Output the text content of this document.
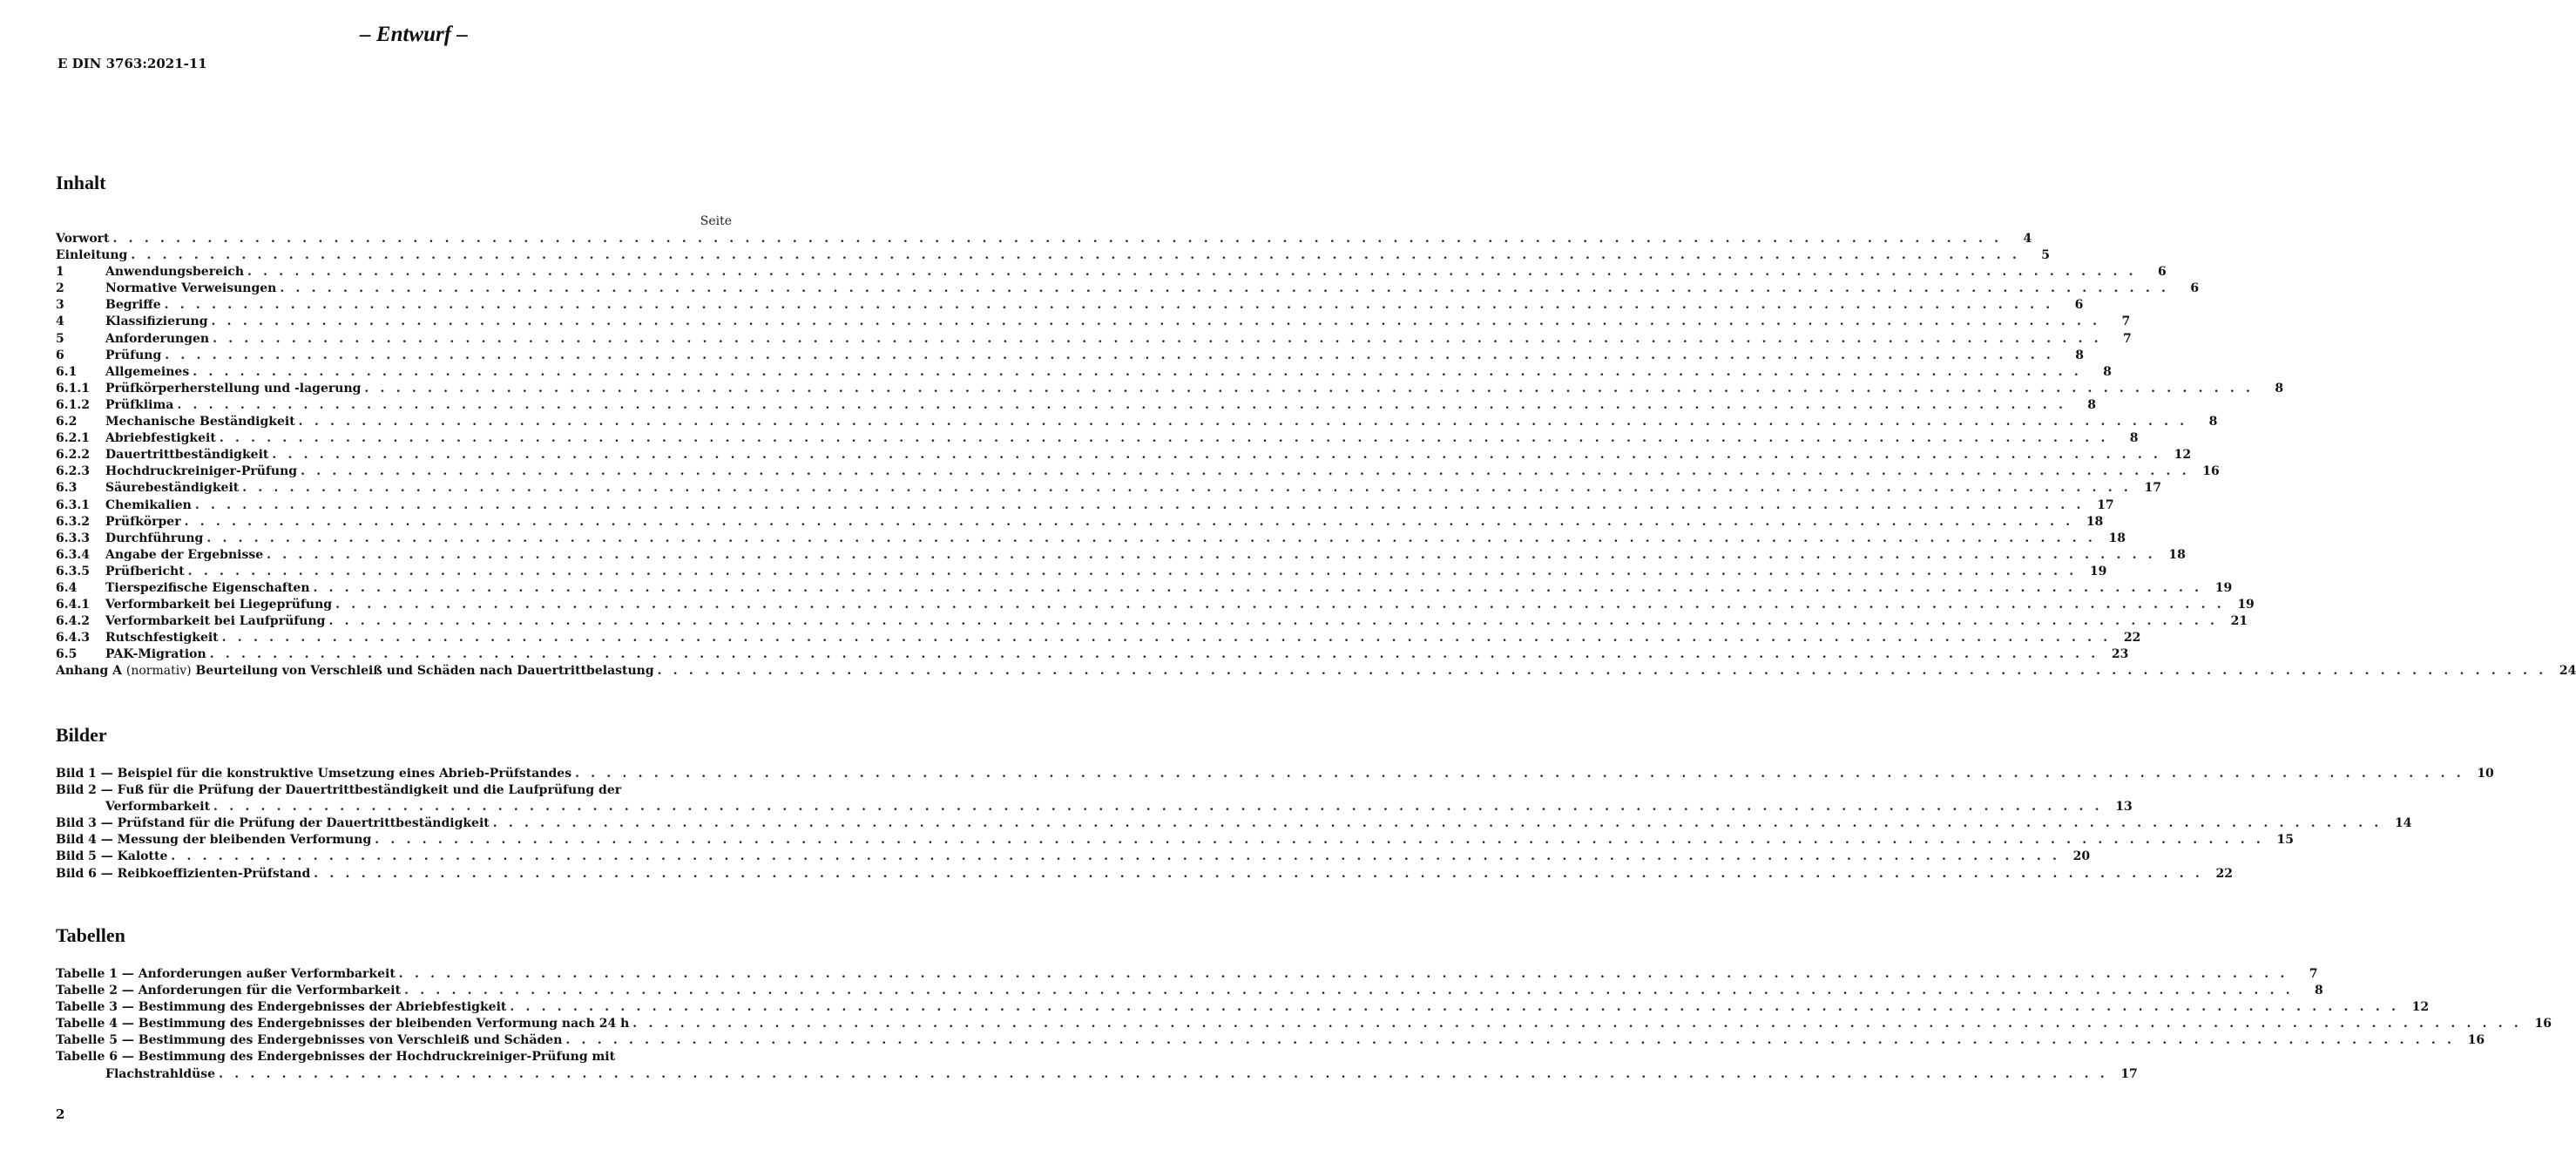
– Entwurf –
E DIN 3763:2021-11
Inhalt
Seite
Vorwort . . . . . . . . . . . . . . . . . . . . . . . . . . . . . . . . . . . . . . . . . . . . . . . . . . . . . . . . . . . . . . . . . . . . . . . . . . . . . . . . . . . . . . . . . . . . . . . . . . . . . . . . . . . . . . . . . . . . . . . .	4
Einleitung . . . . . . . . . . . . . . . . . . . . . . . . . . . . . . . . . . . . . . . . . . . . . . . . . . . . . . . . . . . . . . . . . . . . . . . . . . . . . . . . . . . . . . . . . . . . . . . . . . . . . . . . . . . . . . . . . . . . . . . .	5
1	Anwendungsbereich . . . . . . . . . . . . . . . . . . . . . . . . . . . . . . . . . . . . . . . . . . . . . . . . . . . . . . . . . . . . . . . . . . . . . . . . . . . . . . . . . . . . . . . . . . . . . . . . . . . . . . . . . . . . . . . . . . . . . . . .	6
2	Normative Verweisungen . . . . . . . . . . . . . . . . . . . . . . . . . . . . . . . . . . . . . . . . . . . . . . . . . . . . . . . . . . . . . . . . . . . . . . . . . . . . . . . . . . . . . . . . . . . . . . . . . . . . . . . . . . . . . . . . . . . . . . . .	6
3	Begriffe . . . . . . . . . . . . . . . . . . . . . . . . . . . . . . . . . . . . . . . . . . . . . . . . . . . . . . . . . . . . . . . . . . . . . . . . . . . . . . . . . . . . . . . . . . . . . . . . . . . . . . . . . . . . . . . . . . . . . . . .	6
4	Klassifizierung . . . . . . . . . . . . . . . . . . . . . . . . . . . . . . . . . . . . . . . . . . . . . . . . . . . . . . . . . . . . . . . . . . . . . . . . . . . . . . . . . . . . . . . . . . . . . . . . . . . . . . . . . . . . . . . . . . . . . . . .	7
5	Anforderungen . . . . . . . . . . . . . . . . . . . . . . . . . . . . . . . . . . . . . . . . . . . . . . . . . . . . . . . . . . . . . . . . . . . . . . . . . . . . . . . . . . . . . . . . . . . . . . . . . . . . . . . . . . . . . . . . . . . . . . . .	7
6	Prüfung . . . . . . . . . . . . . . . . . . . . . . . . . . . . . . . . . . . . . . . . . . . . . . . . . . . . . . . . . . . . . . . . . . . . . . . . . . . . . . . . . . . . . . . . . . . . . . . . . . . . . . . . . . . . . . . . . . . . . . . .	8
6.1	Allgemeines . . . . . . . . . . . . . . . . . . . . . . . . . . . . . . . . . . . . . . . . . . . . . . . . . . . . . . . . . . . . . . . . . . . . . . . . . . . . . . . . . . . . . . . . . . . . . . . . . . . . . . . . . . . . . . . . . . . . . . . .	8
6.1.1	Prüfkörperherstellung und -lagerung . . . . . . . . . . . . . . . . . . . . . . . . . . . . . . . . . . . . . . . . . . . . . . . . . . . . . . . . . . . . . . . . . . . . . . . . . . . . . . . . . . . . . . . . . . . . . . . . . . . . . . . . . . . . . . . . . . . . . . . .	8
6.1.2	Prüfklima . . . . . . . . . . . . . . . . . . . . . . . . . . . . . . . . . . . . . . . . . . . . . . . . . . . . . . . . . . . . . . . . . . . . . . . . . . . . . . . . . . . . . . . . . . . . . . . . . . . . . . . . . . . . . . . . . . . . . . . .	8
6.2	Mechanische Beständigkeit . . . . . . . . . . . . . . . . . . . . . . . . . . . . . . . . . . . . . . . . . . . . . . . . . . . . . . . . . . . . . . . . . . . . . . . . . . . . . . . . . . . . . . . . . . . . . . . . . . . . . . . . . . . . . . . . . . . . . . . .	8
6.2.1	Abriebfestigkeit . . . . . . . . . . . . . . . . . . . . . . . . . . . . . . . . . . . . . . . . . . . . . . . . . . . . . . . . . . . . . . . . . . . . . . . . . . . . . . . . . . . . . . . . . . . . . . . . . . . . . . . . . . . . . . . . . . . . . . . .	8
6.2.2	Dauertrittbeständigkeit . . . . . . . . . . . . . . . . . . . . . . . . . . . . . . . . . . . . . . . . . . . . . . . . . . . . . . . . . . . . . . . . . . . . . . . . . . . . . . . . . . . . . . . . . . . . . . . . . . . . . . . . . . . . . . . . . . . . . . . .	12
6.2.3	Hochdruckreiniger-Prüfung . . . . . . . . . . . . . . . . . . . . . . . . . . . . . . . . . . . . . . . . . . . . . . . . . . . . . . . . . . . . . . . . . . . . . . . . . . . . . . . . . . . . . . . . . . . . . . . . . . . . . . . . . . . . . . . . . . . . . . . .	16
6.3	Säurebeständigkeit . . . . . . . . . . . . . . . . . . . . . . . . . . . . . . . . . . . . . . . . . . . . . . . . . . . . . . . . . . . . . . . . . . . . . . . . . . . . . . . . . . . . . . . . . . . . . . . . . . . . . . . . . . . . . . . . . . . . . . . .	17
6.3.1	Chemikalien . . . . . . . . . . . . . . . . . . . . . . . . . . . . . . . . . . . . . . . . . . . . . . . . . . . . . . . . . . . . . . . . . . . . . . . . . . . . . . . . . . . . . . . . . . . . . . . . . . . . . . . . . . . . . . . . . . . . . . . .	17
6.3.2	Prüfkörper . . . . . . . . . . . . . . . . . . . . . . . . . . . . . . . . . . . . . . . . . . . . . . . . . . . . . . . . . . . . . . . . . . . . . . . . . . . . . . . . . . . . . . . . . . . . . . . . . . . . . . . . . . . . . . . . . . . . . . . .	18
6.3.3	Durchführung . . . . . . . . . . . . . . . . . . . . . . . . . . . . . . . . . . . . . . . . . . . . . . . . . . . . . . . . . . . . . . . . . . . . . . . . . . . . . . . . . . . . . . . . . . . . . . . . . . . . . . . . . . . . . . . . . . . . . . . .	18
6.3.4	Angabe der Ergebnisse . . . . . . . . . . . . . . . . . . . . . . . . . . . . . . . . . . . . . . . . . . . . . . . . . . . . . . . . . . . . . . . . . . . . . . . . . . . . . . . . . . . . . . . . . . . . . . . . . . . . . . . . . . . . . . . . . . . . . . . .	18
6.3.5	Prüfbericht . . . . . . . . . . . . . . . . . . . . . . . . . . . . . . . . . . . . . . . . . . . . . . . . . . . . . . . . . . . . . . . . . . . . . . . . . . . . . . . . . . . . . . . . . . . . . . . . . . . . . . . . . . . . . . . . . . . . . . . .	19
6.4	Tierspezifische Eigenschaften . . . . . . . . . . . . . . . . . . . . . . . . . . . . . . . . . . . . . . . . . . . . . . . . . . . . . . . . . . . . . . . . . . . . . . . . . . . . . . . . . . . . . . . . . . . . . . . . . . . . . . . . . . . . . . . . . . . . . . . .	19
6.4.1	Verformbarkeit bei Liegeprüfung . . . . . . . . . . . . . . . . . . . . . . . . . . . . . . . . . . . . . . . . . . . . . . . . . . . . . . . . . . . . . . . . . . . . . . . . . . . . . . . . . . . . . . . . . . . . . . . . . . . . . . . . . . . . . . . . . . . . . . . .	19
6.4.2	Verformbarkeit bei Laufprüfung . . . . . . . . . . . . . . . . . . . . . . . . . . . . . . . . . . . . . . . . . . . . . . . . . . . . . . . . . . . . . . . . . . . . . . . . . . . . . . . . . . . . . . . . . . . . . . . . . . . . . . . . . . . . . . . . . . . . . . . .	21
6.4.3	Rutschfestigkeit . . . . . . . . . . . . . . . . . . . . . . . . . . . . . . . . . . . . . . . . . . . . . . . . . . . . . . . . . . . . . . . . . . . . . . . . . . . . . . . . . . . . . . . . . . . . . . . . . . . . . . . . . . . . . . . . . . . . . . . .	22
6.5	PAK-Migration . . . . . . . . . . . . . . . . . . . . . . . . . . . . . . . . . . . . . . . . . . . . . . . . . . . . . . . . . . . . . . . . . . . . . . . . . . . . . . . . . . . . . . . . . . . . . . . . . . . . . . . . . . . . . . . . . . . . . . . .	23
Anhang A (normativ) Beurteilung von Verschleiß und Schäden nach Dauertrittbelastung . . . . . . . . . . . . . . . . . . . . . . . . . . . . . . . . . . . . . . . . . . . . . . . . . . . . . . . . . . . . . . . . . . . . . . . . . . . . . . . . . . . . . . . . . . . . . . . . . . . . . . . . . . . . . . . . . . . . . . . .	24
Bilder
Bild 1 — Beispiel für die konstruktive Umsetzung eines Abrieb-Prüfstandes . . . . . . . . . . . . . . . . . . . . . . . . . . . . . . . . . . . . . . . . . . . . . . . . . . . . . . . . . . . . . . . . . . . . . . . . . . . . . . . . . . . . . . . . . . . . . . . . . . . . . . . . . . . . . . . . . . . . . . . .	10
Bild 2 — Fuß für die Prüfung der Dauertrittbeständigkeit und die Laufprüfung der
Verformbarkeit . . . . . . . . . . . . . . . . . . . . . . . . . . . . . . . . . . . . . . . . . . . . . . . . . . . . . . . . . . . . . . . . . . . . . . . . . . . . . . . . . . . . . . . . . . . . . . . . . . . . . . . . . . . . . . . . . . . . . . . .	13
Bild 3 — Prüfstand für die Prüfung der Dauertrittbeständigkeit . . . . . . . . . . . . . . . . . . . . . . . . . . . . . . . . . . . . . . . . . . . . . . . . . . . . . . . . . . . . . . . . . . . . . . . . . . . . . . . . . . . . . . . . . . . . . . . . . . . . . . . . . . . . . . . . . . . . . . . .	14
Bild 4 — Messung der bleibenden Verformung . . . . . . . . . . . . . . . . . . . . . . . . . . . . . . . . . . . . . . . . . . . . . . . . . . . . . . . . . . . . . . . . . . . . . . . . . . . . . . . . . . . . . . . . . . . . . . . . . . . . . . . . . . . . . . . . . . . . . . . .	15
Bild 5 — Kalotte . . . . . . . . . . . . . . . . . . . . . . . . . . . . . . . . . . . . . . . . . . . . . . . . . . . . . . . . . . . . . . . . . . . . . . . . . . . . . . . . . . . . . . . . . . . . . . . . . . . . . . . . . . . . . . . . . . . . . . . .	20
Bild 6 — Reibkoeffizienten-Prüfstand . . . . . . . . . . . . . . . . . . . . . . . . . . . . . . . . . . . . . . . . . . . . . . . . . . . . . . . . . . . . . . . . . . . . . . . . . . . . . . . . . . . . . . . . . . . . . . . . . . . . . . . . . . . . . . . . . . . . . . . .	22
Tabellen
Tabelle 1 — Anforderungen außer Verformbarkeit . . . . . . . . . . . . . . . . . . . . . . . . . . . . . . . . . . . . . . . . . . . . . . . . . . . . . . . . . . . . . . . . . . . . . . . . . . . . . . . . . . . . . . . . . . . . . . . . . . . . . . . . . . . . . . . . . . . . . . . .	7
Tabelle 2 — Anforderungen für die Verformbarkeit . . . . . . . . . . . . . . . . . . . . . . . . . . . . . . . . . . . . . . . . . . . . . . . . . . . . . . . . . . . . . . . . . . . . . . . . . . . . . . . . . . . . . . . . . . . . . . . . . . . . . . . . . . . . . . . . . . . . . . . .	8
Tabelle 3 — Bestimmung des Endergebnisses der Abriebfestigkeit . . . . . . . . . . . . . . . . . . . . . . . . . . . . . . . . . . . . . . . . . . . . . . . . . . . . . . . . . . . . . . . . . . . . . . . . . . . . . . . . . . . . . . . . . . . . . . . . . . . . . . . . . . . . . . . . . . . . . . . .	12
Tabelle 4 — Bestimmung des Endergebnisses der bleibenden Verformung nach 24 h . . . . . . . . . . . . . . . . . . . . . . . . . . . . . . . . . . . . . . . . . . . . . . . . . . . . . . . . . . . . . . . . . . . . . . . . . . . . . . . . . . . . . . . . . . . . . . . . . . . . . . . . . . . . . . . . . . . . . . . .	16
Tabelle 5 — Bestimmung des Endergebnisses von Verschleiß und Schäden . . . . . . . . . . . . . . . . . . . . . . . . . . . . . . . . . . . . . . . . . . . . . . . . . . . . . . . . . . . . . . . . . . . . . . . . . . . . . . . . . . . . . . . . . . . . . . . . . . . . . . . . . . . . . . . . . . . . . . . .	16
Tabelle 6 — Bestimmung des Endergebnisses der Hochdruckreiniger-Prüfung mit
Flachstrahldüse . . . . . . . . . . . . . . . . . . . . . . . . . . . . . . . . . . . . . . . . . . . . . . . . . . . . . . . . . . . . . . . . . . . . . . . . . . . . . . . . . . . . . . . . . . . . . . . . . . . . . . . . . . . . . . . . . . . . . . . .	17
2
